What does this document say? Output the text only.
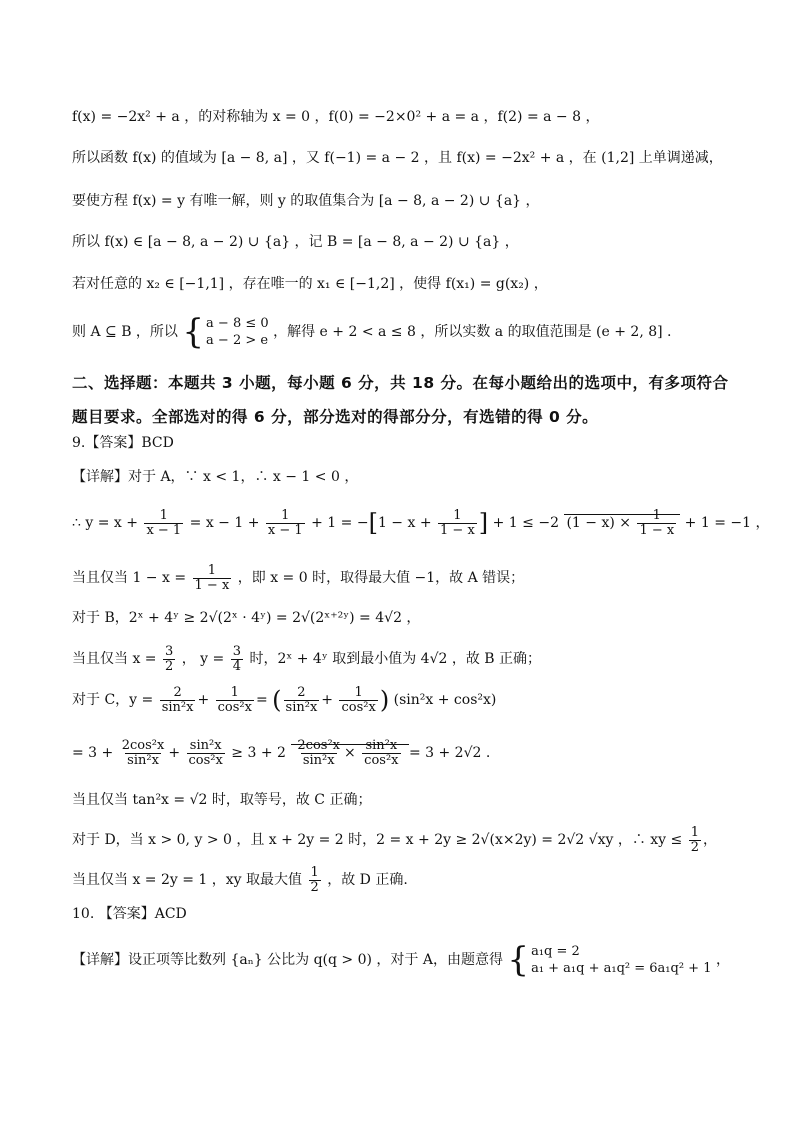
f(x) = −2x² + a ，的对称轴为 x = 0 ，f(0) = −2×0² + a = a ，f(2) = a − 8 ，
所以函数 f(x) 的值域为 [a − 8, a] ，又 f(−1) = a − 2 ，且 f(x) = −2x² + a ，在 (1,2] 上单调递减，
要使方程 f(x) = y 有唯一解，则 y 的取值集合为 [a − 8, a − 2) ∪ {a} ，
所以 f(x) ∈ [a − 8, a − 2) ∪ {a} ，记 B = [a − 8, a − 2) ∪ {a} ，
若对任意的 x₂ ∈ [−1,1] ，存在唯一的 x₁ ∈ [−1,2] ，使得 f(x₁) = g(x₂) ，
则 A ⊆ B ，所以 { a − 8 ≤ 0
a − 2 > e
，解得 e + 2 < a ≤ 8 ，所以实数 a 的取值范围是 (e + 2, 8] .
二、选择题：本题共 3 小题，每小题 6 分，共 18 分。在每小题给出的选项中，有多项符合题目要求。全部选对的得 6 分，部分选对的得部分分，有选错的得 0 分。
9.【答案】BCD
【详解】对于 A，∵ x < 1，∴ x − 1 < 0 ，
∴ $y = x + \frac{1}{x - 1} = x - 1 + \frac{1}{x - 1} + 1 = -[1 - x + \frac{1}{1 - x}$ ] + 1 ≤ −2 $(1 - x) \times \frac{1}{1 - x} + 1 = -1$ ，
当且仅当 $1 - x = \frac{1}{1 - x}$ ，即 x = 0 时，取得最大值 −1，故 A 错误；
对于 B，2ˣ + 4ʸ ≥ 2√(2ˣ · 4ʸ) = 2√(2ˣ⁺²ʸ) = 4√2 ，
当且仅当 $x = \frac{3}{2}$ ， $y = \frac{3}{4}$ 时，2ˣ + 4ʸ 取到最小值为 4√2 ，故 B 正确；
对于 C，$y = \frac{2}{\text{sin²x}} + \frac{1}{\text{cos²x}}$ = ( $\frac{2}{\text{sin²x}} + \frac{1}{\text{cos²x}}$ ) (sin²x + cos²x)
= $3 + \frac{\text{2cos²x}}{\text{sin²x}} + \frac{\text{sin²x}}{\text{cos²x}} \ge 3 + 2 \frac{\text{2cos²x}}{\text{sin²x}} \times \frac{\text{sin²x}}{\text{cos²x}} = 3 + 2√2$ .
当且仅当 tan²x = √2 时，取等号，故 C 正确；
对于 D，当 x > 0, y > 0 ，且 x + 2y = 2 时，2 = x + 2y ≥ 2√(x×2y) = 2√2 √xy ，∴ xy ≤ $\frac{1}{2}$ ，
当且仅当 x = 2y = 1 ，xy 取最大值 $\frac{1}{2}$ ，故 D 正确.
10. 【答案】ACD
【详解】设正项等比数列 {aₙ} 公比为 q(q > 0) ，对于 A，由题意得 { a₁q = 2
a₁ + a₁q + a₁q² = 6a₁q² + 1
，
